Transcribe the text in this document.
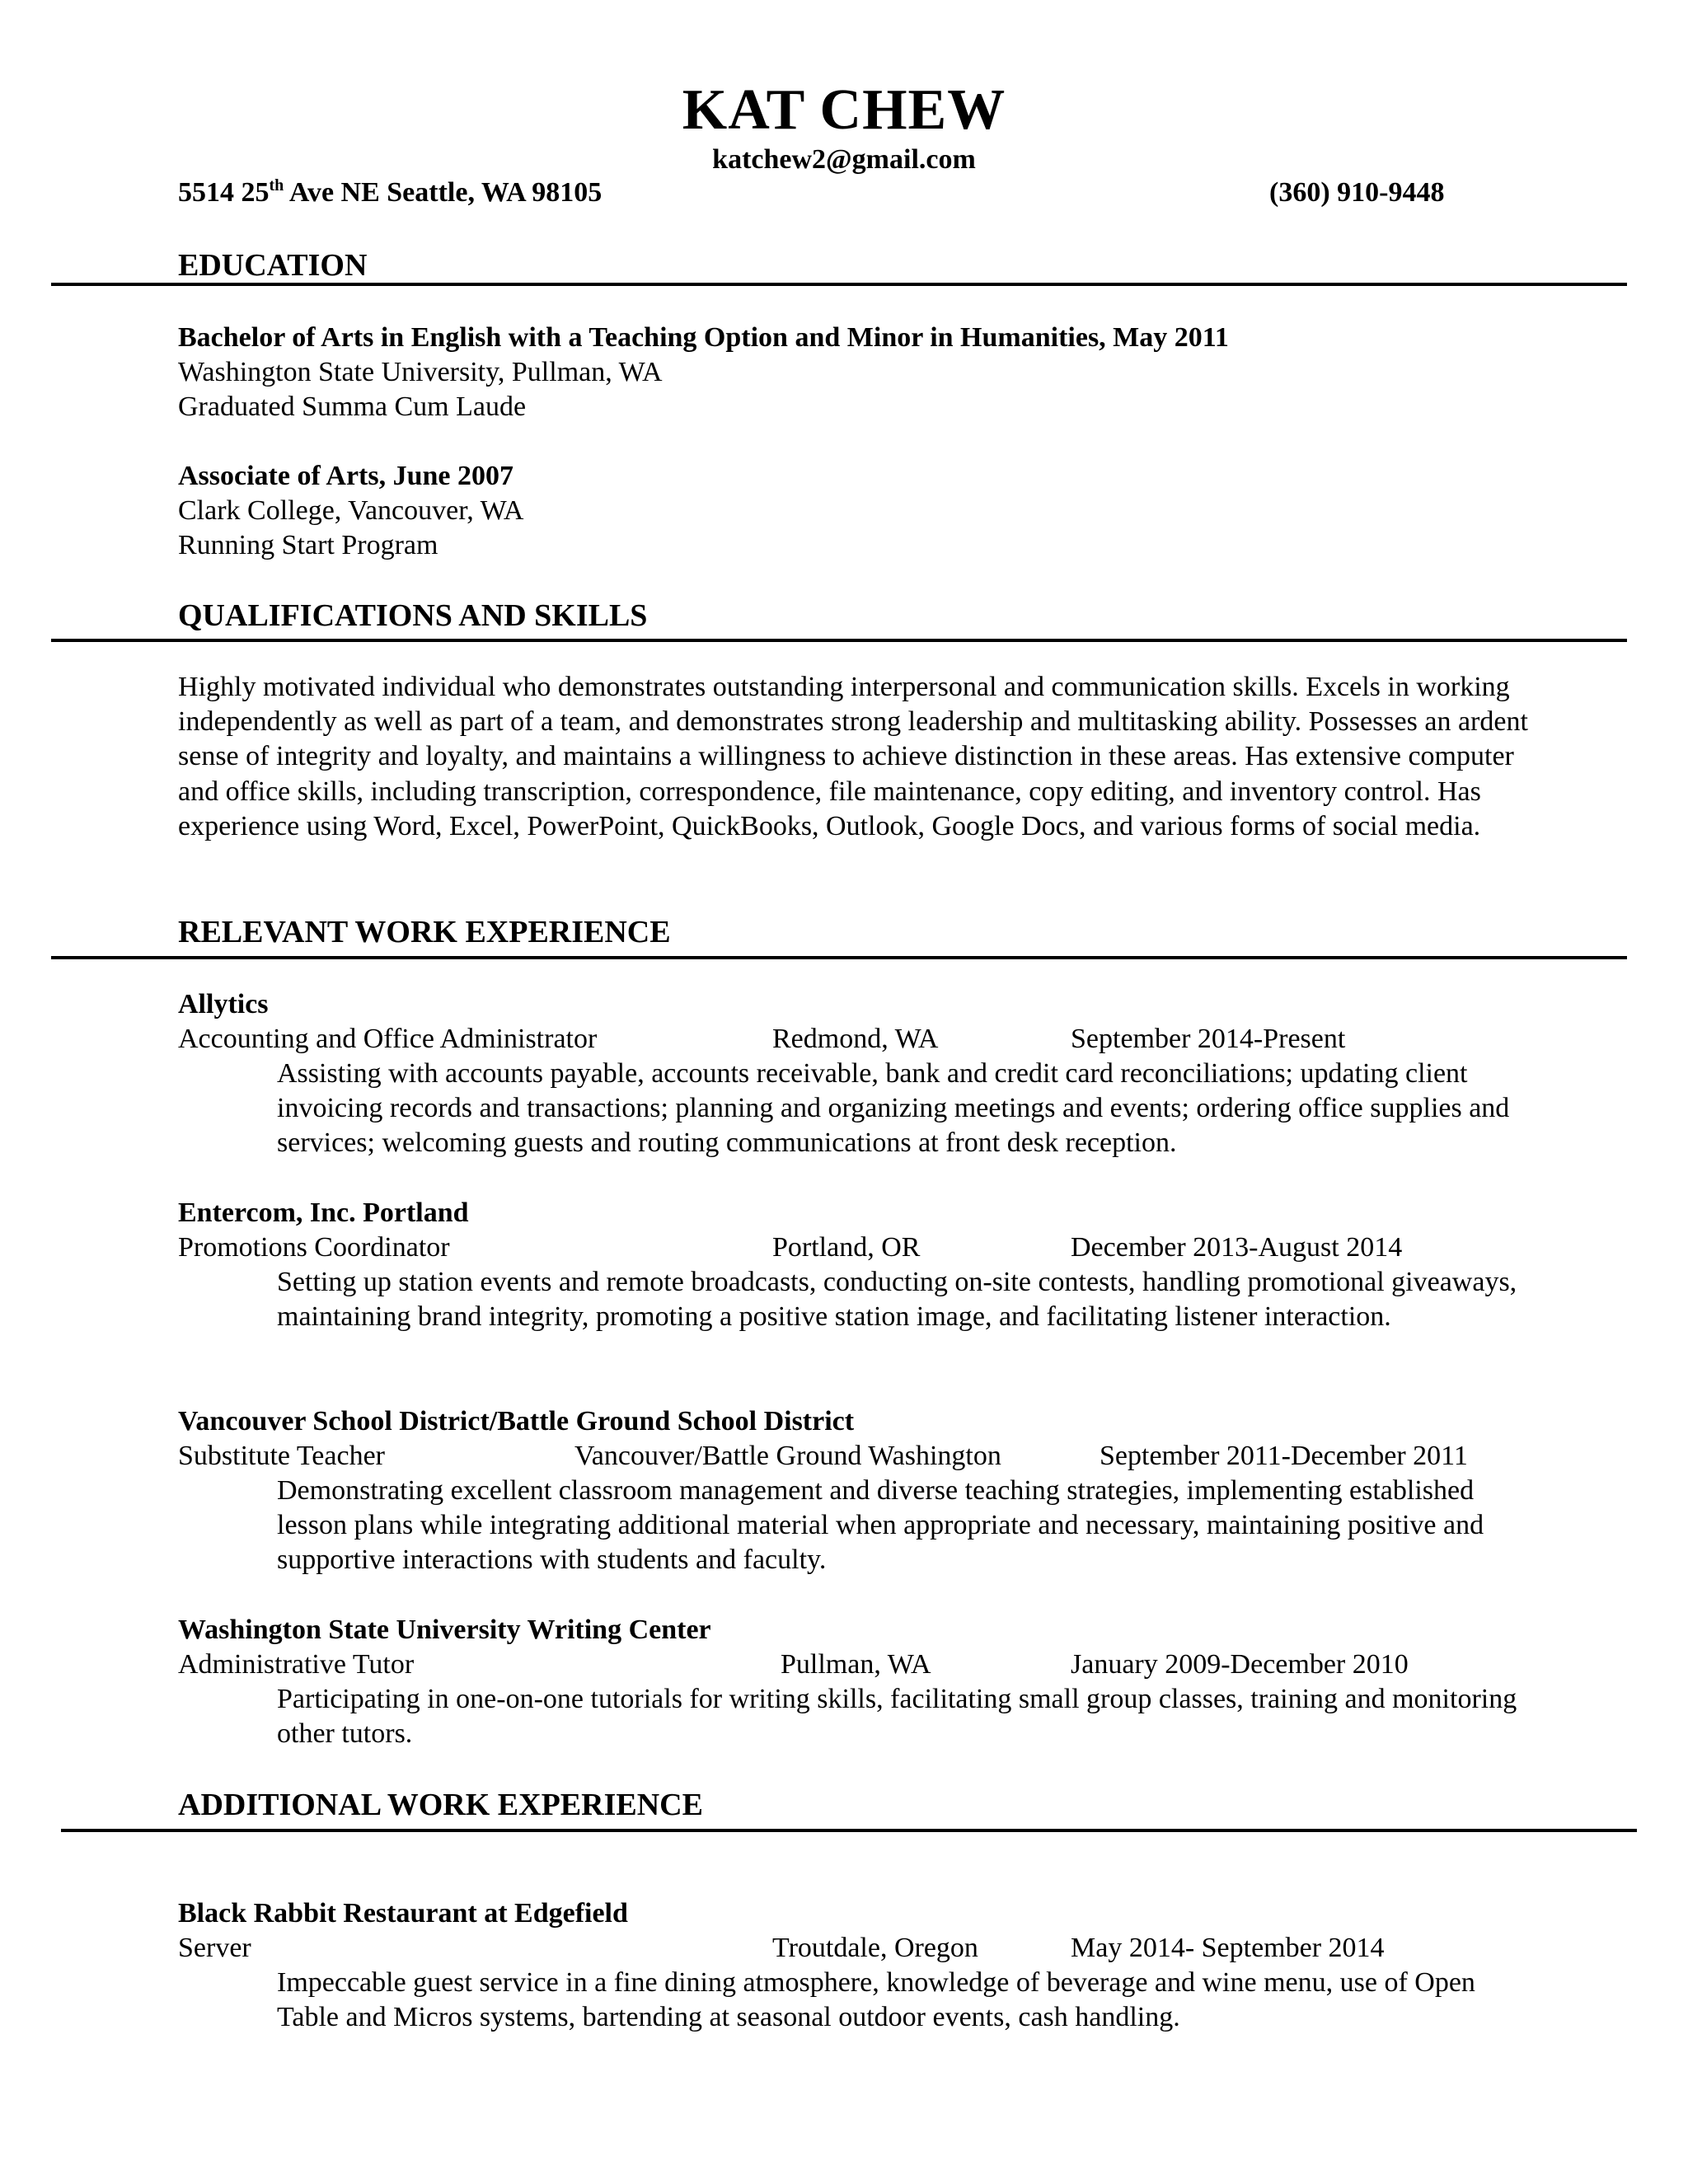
KAT CHEW
katchew2@gmail.com
5514 25th Ave NE Seattle, WA 98105	(360) 910-9448
EDUCATION
Bachelor of Arts in English with a Teaching Option and Minor in Humanities, May 2011
Washington State University, Pullman, WA
Graduated Summa Cum Laude
Associate of Arts, June 2007
Clark College, Vancouver, WA
Running Start Program
QUALIFICATIONS AND SKILLS
Highly motivated individual who demonstrates outstanding interpersonal and communication skills. Excels in working independently as well as part of a team, and demonstrates strong leadership and multitasking ability. Possesses an ardent sense of integrity and loyalty, and maintains a willingness to achieve distinction in these areas. Has extensive computer and office skills, including transcription, correspondence, file maintenance, copy editing, and inventory control. Has experience using Word, Excel, PowerPoint, QuickBooks, Outlook, Google Docs, and various forms of social media.
RELEVANT WORK EXPERIENCE
Allytics
Accounting and Office Administrator	Redmond, WA	September 2014-Present
Assisting with accounts payable, accounts receivable, bank and credit card reconciliations; updating client invoicing records and transactions; planning and organizing meetings and events; ordering office supplies and services; welcoming guests and routing communications at front desk reception.
Entercom, Inc. Portland
Promotions Coordinator	Portland, OR	December 2013-August 2014
Setting up station events and remote broadcasts, conducting on-site contests, handling promotional giveaways, maintaining brand integrity, promoting a positive station image, and facilitating listener interaction.
Vancouver School District/Battle Ground School District
Substitute Teacher	Vancouver/Battle Ground Washington	September 2011-December 2011
Demonstrating excellent classroom management and diverse teaching strategies, implementing established lesson plans while integrating additional material when appropriate and necessary, maintaining positive and supportive interactions with students and faculty.
Washington State University Writing Center
Administrative Tutor	Pullman, WA	January 2009-December 2010
Participating in one-on-one tutorials for writing skills, facilitating small group classes, training and monitoring other tutors.
ADDITIONAL WORK EXPERIENCE
Black Rabbit Restaurant at Edgefield
Server	Troutdale, Oregon	May 2014- September 2014
Impeccable guest service in a fine dining atmosphere, knowledge of beverage and wine menu, use of Open Table and Micros systems, bartending at seasonal outdoor events, cash handling.
